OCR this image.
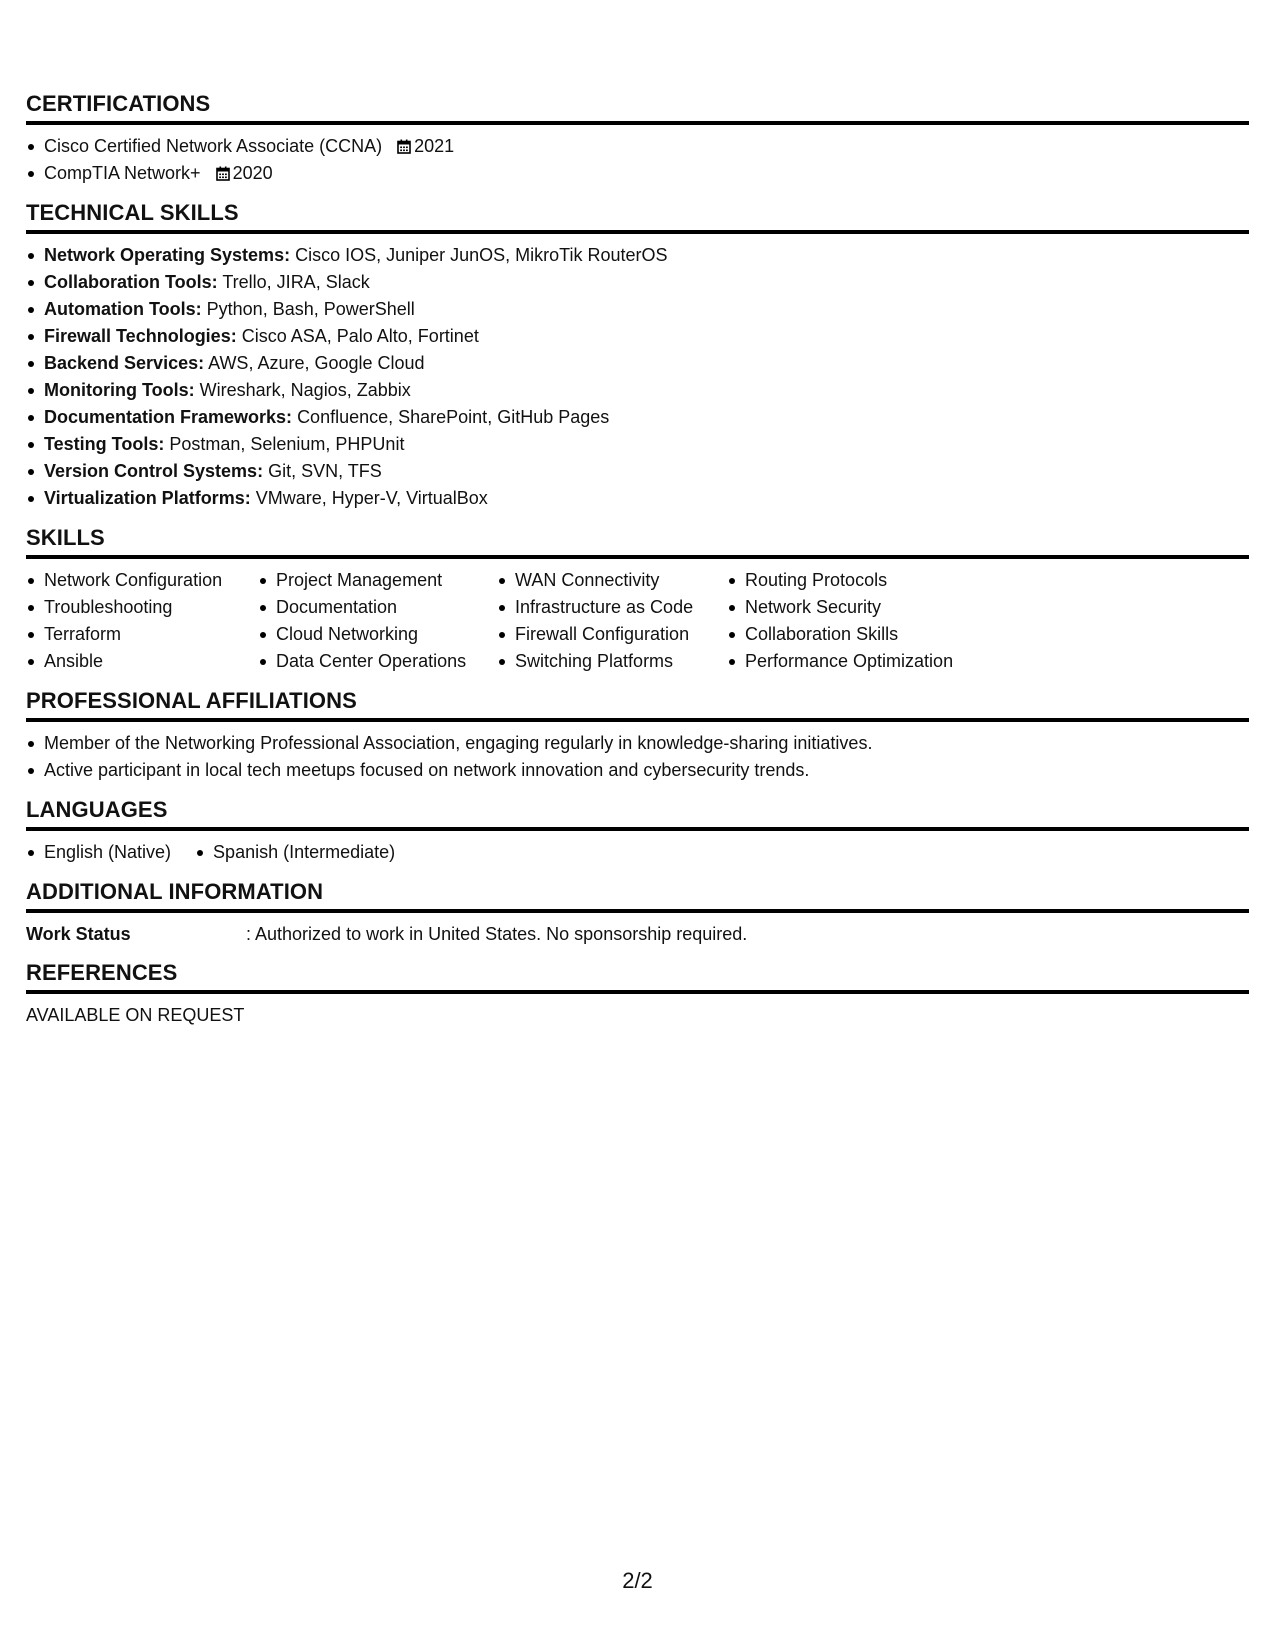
CERTIFICATIONS
Cisco Certified Network Associate (CCNA) 2021
CompTIA Network+ 2020
TECHNICAL SKILLS
Network Operating Systems: Cisco IOS, Juniper JunOS, MikroTik RouterOS
Collaboration Tools: Trello, JIRA, Slack
Automation Tools: Python, Bash, PowerShell
Firewall Technologies: Cisco ASA, Palo Alto, Fortinet
Backend Services: AWS, Azure, Google Cloud
Monitoring Tools: Wireshark, Nagios, Zabbix
Documentation Frameworks: Confluence, SharePoint, GitHub Pages
Testing Tools: Postman, Selenium, PHPUnit
Version Control Systems: Git, SVN, TFS
Virtualization Platforms: VMware, Hyper-V, VirtualBox
SKILLS
Network Configuration
Troubleshooting
Terraform
Ansible
Project Management
Documentation
Cloud Networking
Data Center Operations
WAN Connectivity
Infrastructure as Code
Firewall Configuration
Switching Platforms
Routing Protocols
Network Security
Collaboration Skills
Performance Optimization
PROFESSIONAL AFFILIATIONS
Member of the Networking Professional Association, engaging regularly in knowledge-sharing initiatives.
Active participant in local tech meetups focused on network innovation and cybersecurity trends.
LANGUAGES
English (Native)	Spanish (Intermediate)
ADDITIONAL INFORMATION
Work Status	: Authorized to work in United States. No sponsorship required.
REFERENCES
AVAILABLE ON REQUEST
2/2
